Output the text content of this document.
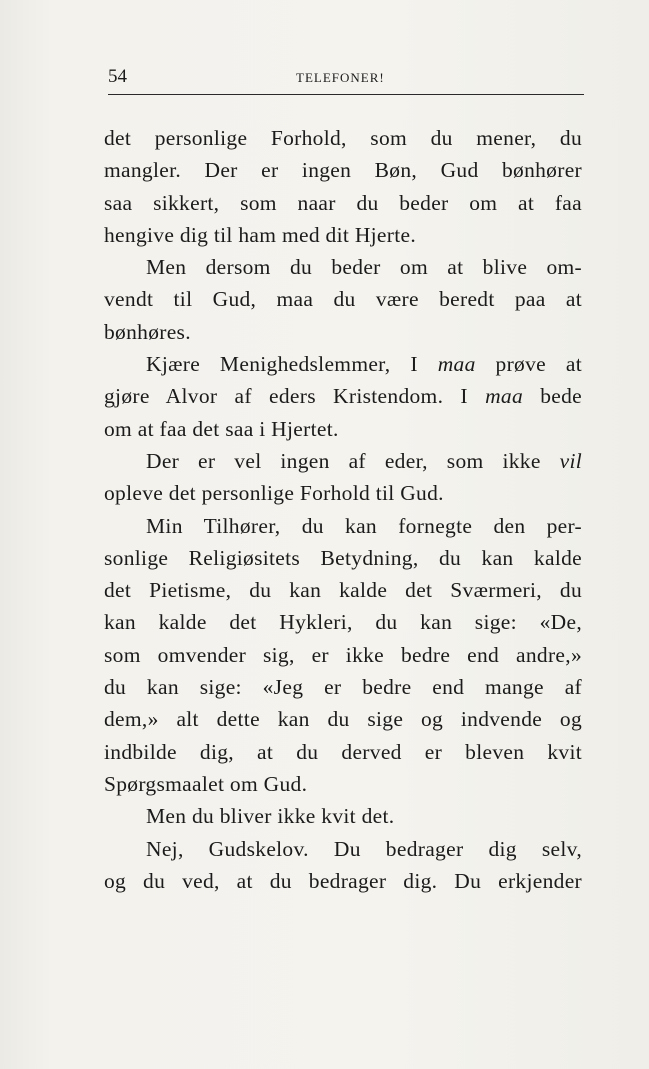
54	TELEFONER!
det personlige Forhold, som du mener, du
mangler. Der er ingen Bøn, Gud bønhører
saa sikkert, som naar du beder om at faa
hengive dig til ham med dit Hjerte.
Men dersom du beder om at blive om-
vendt til Gud, maa du være beredt paa at
bønhøres.
Kjære Menighedslemmer, I maa prøve at
gjøre Alvor af eders Kristendom. I maa bede
om at faa det saa i Hjertet.
Der er vel ingen af eder, som ikke vil
opleve det personlige Forhold til Gud.
Min Tilhører, du kan fornegte den per-
sonlige Religiøsitets Betydning, du kan kalde
det Pietisme, du kan kalde det Sværmeri, du
kan kalde det Hykleri, du kan sige: «De,
som omvender sig, er ikke bedre end andre,»
du kan sige: «Jeg er bedre end mange af
dem,» alt dette kan du sige og indvende og
indbilde dig, at du derved er bleven kvit
Spørgsmaalet om Gud.
Men du bliver ikke kvit det.
Nej, Gudskelov. Du bedrager dig selv,
og du ved, at du bedrager dig. Du erkjender
